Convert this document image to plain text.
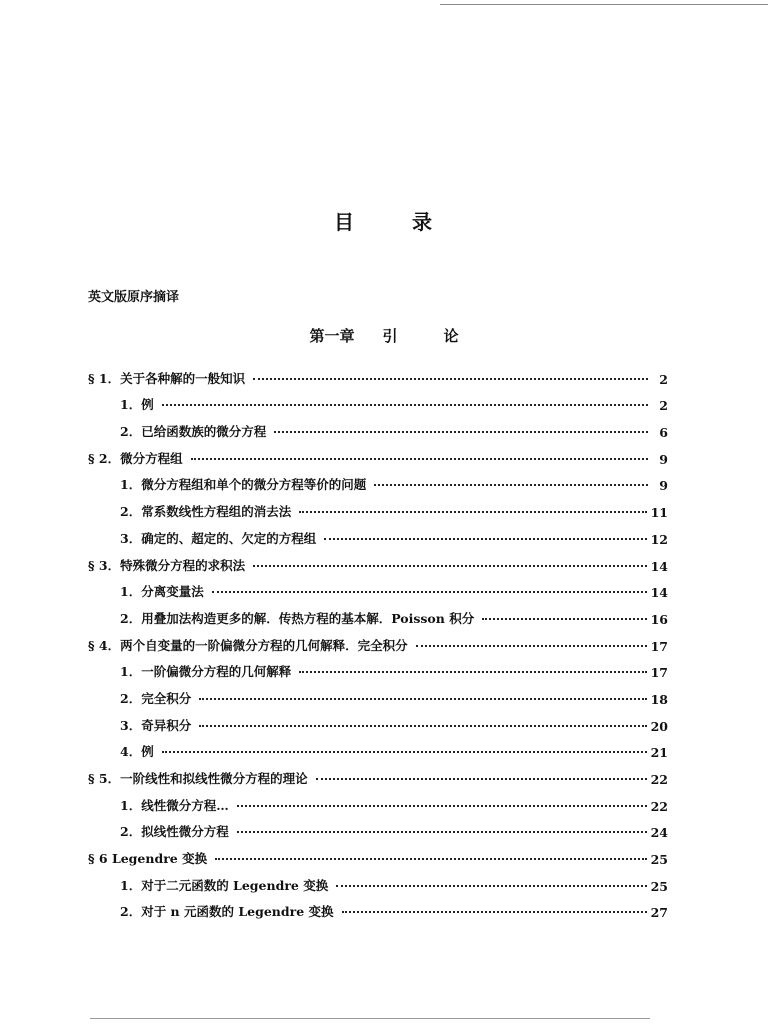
目	录
英文版原序摘译
第一章 引	论
§ 1．关于各种解的一般知识	2
1．例	2
2．已给函数族的微分方程	6
§ 2．微分方程组	9
1．微分方程组和单个的微分方程等价的问题	9
2．常系数线性方程组的消去法	11
3．确定的、超定的、欠定的方程组	12
§ 3．特殊微分方程的求积法	14
1．分离变量法	14
2．用叠加法构造更多的解．传热方程的基本解．Poisson 积分	16
§ 4．两个自变量的一阶偏微分方程的几何解释．完全积分	17
1．一阶偏微分方程的几何解释	17
2．完全积分	18
3．奇异积分	20
4．例	21
§ 5．一阶线性和拟线性微分方程的理论	22
1．线性微分方程…	22
2．拟线性微分方程	24
§ 6 Legendre 变换	25
1．对于二元函数的 Legendre 变换	25
2．对于 n 元函数的 Legendre 变换	27
